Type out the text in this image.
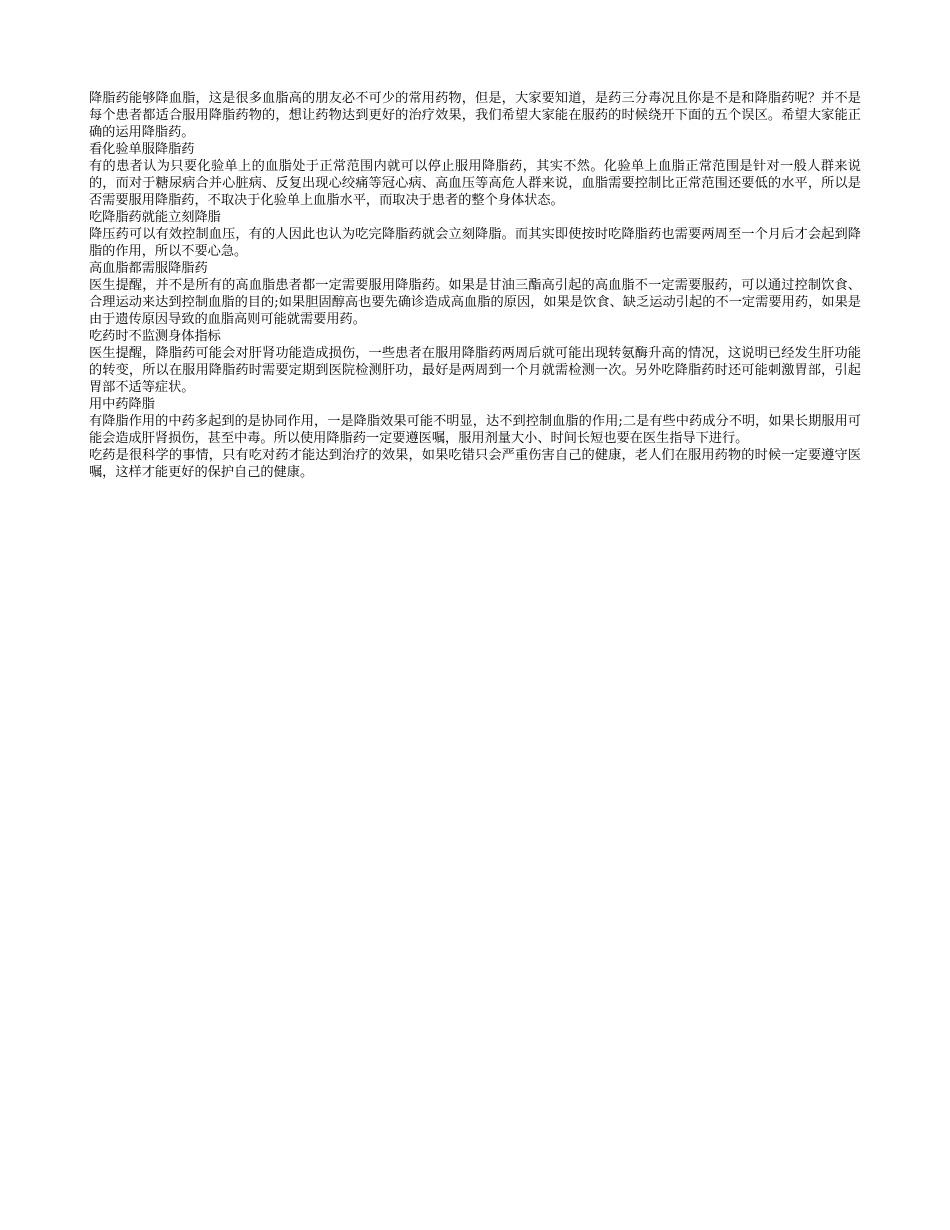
降脂药能够降血脂，这是很多血脂高的朋友必不可少的常用药物，但是，大家要知道，是药三分毒况且你是不是和降脂药呢？并不是每个患者都适合服用降脂药物的，想让药物达到更好的治疗效果，我们希望大家能在服药的时候绕开下面的五个误区。希望大家能正确的运用降脂药。

看化验单服降脂药

有的患者认为只要化验单上的血脂处于正常范围内就可以停止服用降脂药，其实不然。化验单上血脂正常范围是针对一般人群来说的，而对于糖尿病合并心脏病、反复出现心绞痛等冠心病、高血压等高危人群来说，血脂需要控制比正常范围还要低的水平，所以是否需要服用降脂药，不取决于化验单上血脂水平，而取决于患者的整个身体状态。

吃降脂药就能立刻降脂

降压药可以有效控制血压，有的人因此也认为吃完降脂药就会立刻降脂。而其实即使按时吃降脂药也需要两周至一个月后才会起到降脂的作用，所以不要心急。

高血脂都需服降脂药

医生提醒，并不是所有的高血脂患者都一定需要服用降脂药。如果是甘油三酯高引起的高血脂不一定需要服药，可以通过控制饮食、合理运动来达到控制血脂的目的;如果胆固醇高也要先确诊造成高血脂的原因，如果是饮食、缺乏运动引起的不一定需要用药，如果是由于遗传原因导致的血脂高则可能就需要用药。

吃药时不监测身体指标

医生提醒，降脂药可能会对肝肾功能造成损伤，一些患者在服用降脂药两周后就可能出现转氨酶升高的情况，这说明已经发生肝功能的转变，所以在服用降脂药时需要定期到医院检测肝功，最好是两周到一个月就需检测一次。另外吃降脂药时还可能刺激胃部，引起胃部不适等症状。

用中药降脂

有降脂作用的中药多起到的是协同作用，一是降脂效果可能不明显，达不到控制血脂的作用;二是有些中药成分不明，如果长期服用可能会造成肝肾损伤，甚至中毒。所以使用降脂药一定要遵医嘱，服用剂量大小、时间长短也要在医生指导下进行。

吃药是很科学的事情，只有吃对药才能达到治疗的效果，如果吃错只会严重伤害自己的健康，老人们在服用药物的时候一定要遵守医嘱，这样才能更好的保护自己的健康。
